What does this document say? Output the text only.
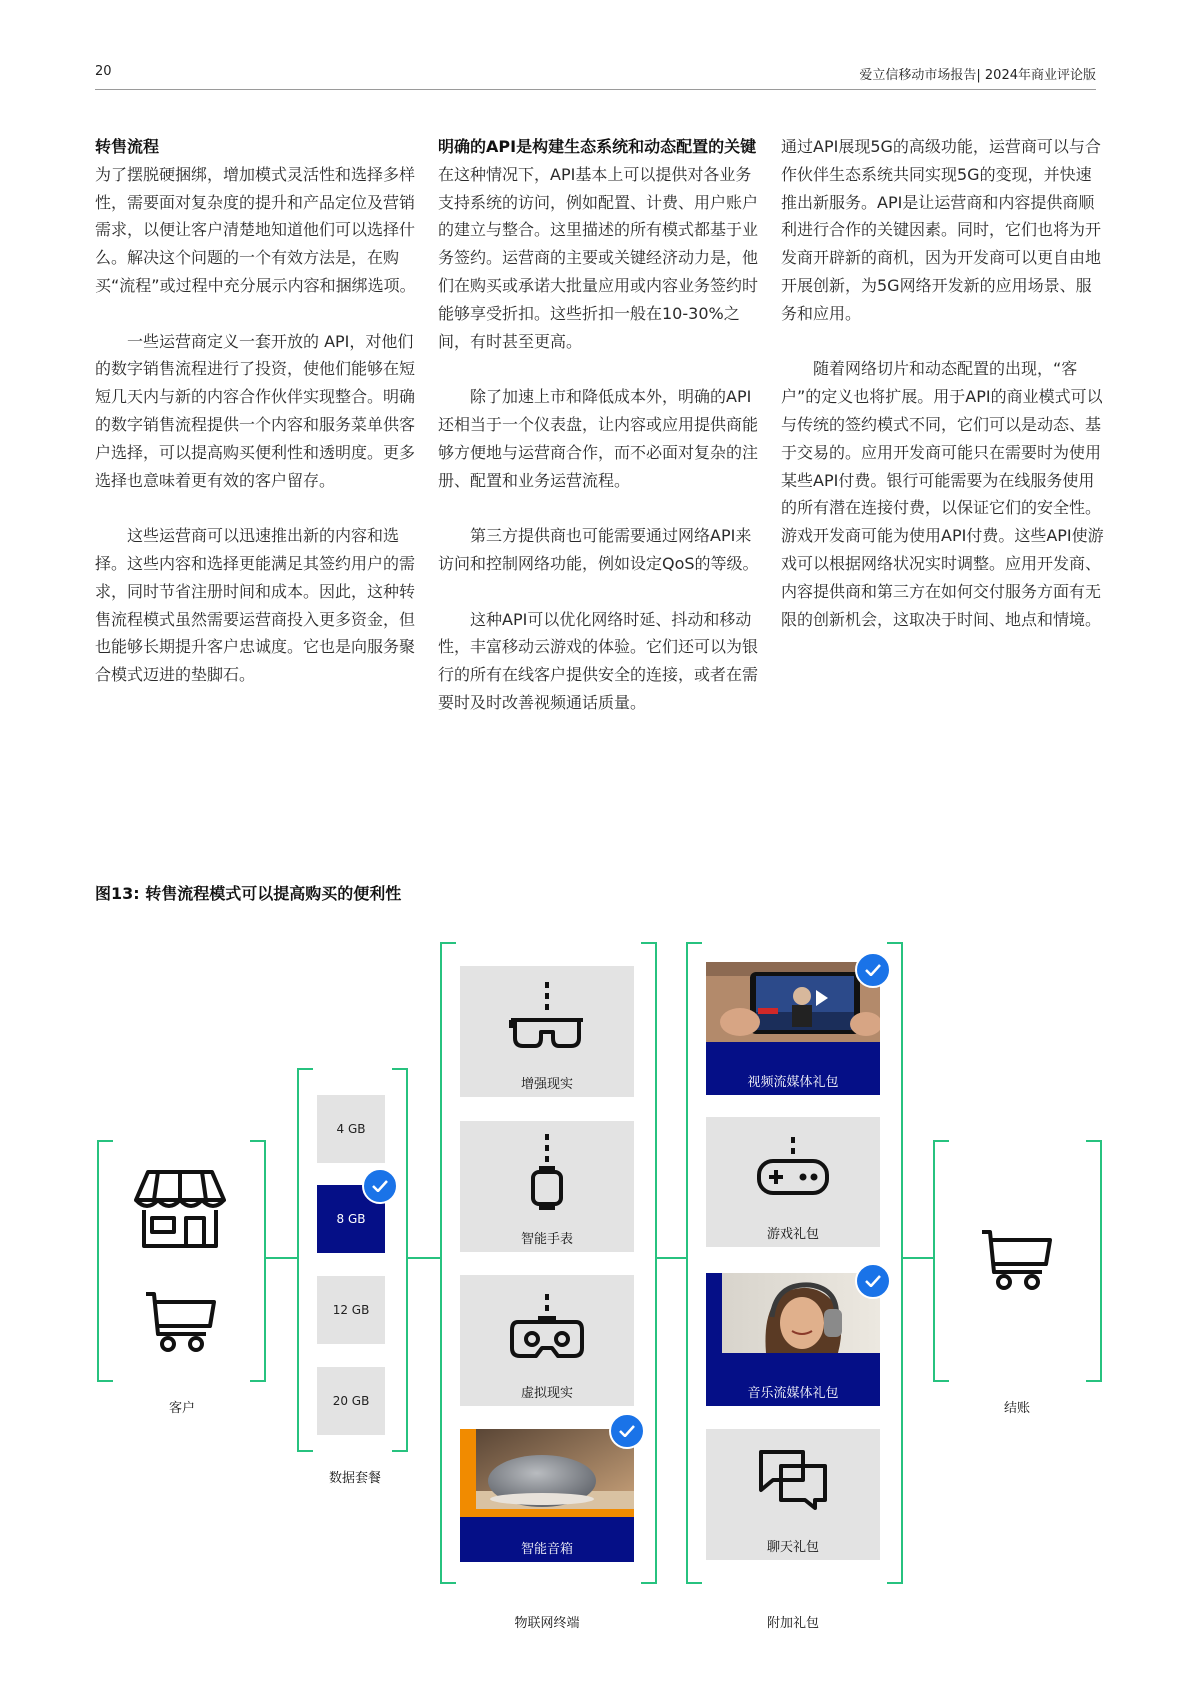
20	爱立信移动市场报告| 2024年商业评论版
转售流程

为了摆脱硬捆绑，增加模式灵活性和选择多样性，需要面对复杂度的提升和产品定位及营销需求，以便让客户清楚地知道他们可以选择什么。解决这个问题的一个有效方法是，在购买“流程”或过程中充分展示内容和捆绑选项。

一些运营商定义一套开放的 API，对他们的数字销售流程进行了投资，使他们能够在短短几天内与新的内容合作伙伴实现整合。明确的数字销售流程提供一个内容和服务菜单供客户选择，可以提高购买便利性和透明度。更多选择也意味着更有效的客户留存。

这些运营商可以迅速推出新的内容和选择。这些内容和选择更能满足其签约用户的需求，同时节省注册时间和成本。因此，这种转售流程模式虽然需要运营商投入更多资金，但也能够长期提升客户忠诚度。它也是向服务聚合模式迈进的垫脚石。

明确的API是构建生态系统和动态配置的关键

在这种情况下，API基本上可以提供对各业务支持系统的访问，例如配置、计费、用户账户的建立与整合。这里描述的所有模式都基于业务签约。运营商的主要或关键经济动力是，他们在购买或承诺大批量应用或内容业务签约时能够享受折扣。这些折扣一般在10-30%之间，有时甚至更高。

除了加速上市和降低成本外，明确的API还相当于一个仪表盘，让内容或应用提供商能够方便地与运营商合作，而不必面对复杂的注册、配置和业务运营流程。

第三方提供商也可能需要通过网络API来访问和控制网络功能，例如设定QoS的等级。

这种API可以优化网络时延、抖动和移动性，丰富移动云游戏的体验。它们还可以为银行的所有在线客户提供安全的连接，或者在需要时及时改善视频通话质量。

通过API展现5G的高级功能，运营商可以与合作伙伴生态系统共同实现5G的变现，并快速推出新服务。API是让运营商和内容提供商顺利进行合作的关键因素。同时，它们也将为开发商开辟新的商机，因为开发商可以更自由地开展创新，为5G网络开发新的应用场景、服务和应用。

随着网络切片和动态配置的出现，“客户”的定义也将扩展。用于API的商业模式可以与传统的签约模式不同，它们可以是动态、基于交易的。应用开发商可能只在需要时为使用某些API付费。银行可能需要为在线服务使用的所有潜在连接付费，以保证它们的安全性。游戏开发商可能为使用API付费。这些API使游戏可以根据网络状况实时调整。应用开发商、内容提供商和第三方在如何交付服务方面有无限的创新机会，这取决于时间、地点和情境。

图13: 转售流程模式可以提高购买的便利性
客户
4 GB
8 GB
12 GB
20 GB
数据套餐
增强现实
智能手表
虚拟现实
智能音箱
物联网终端
视频流媒体礼包
游戏礼包
音乐流媒体礼包
聊天礼包
附加礼包
结账
